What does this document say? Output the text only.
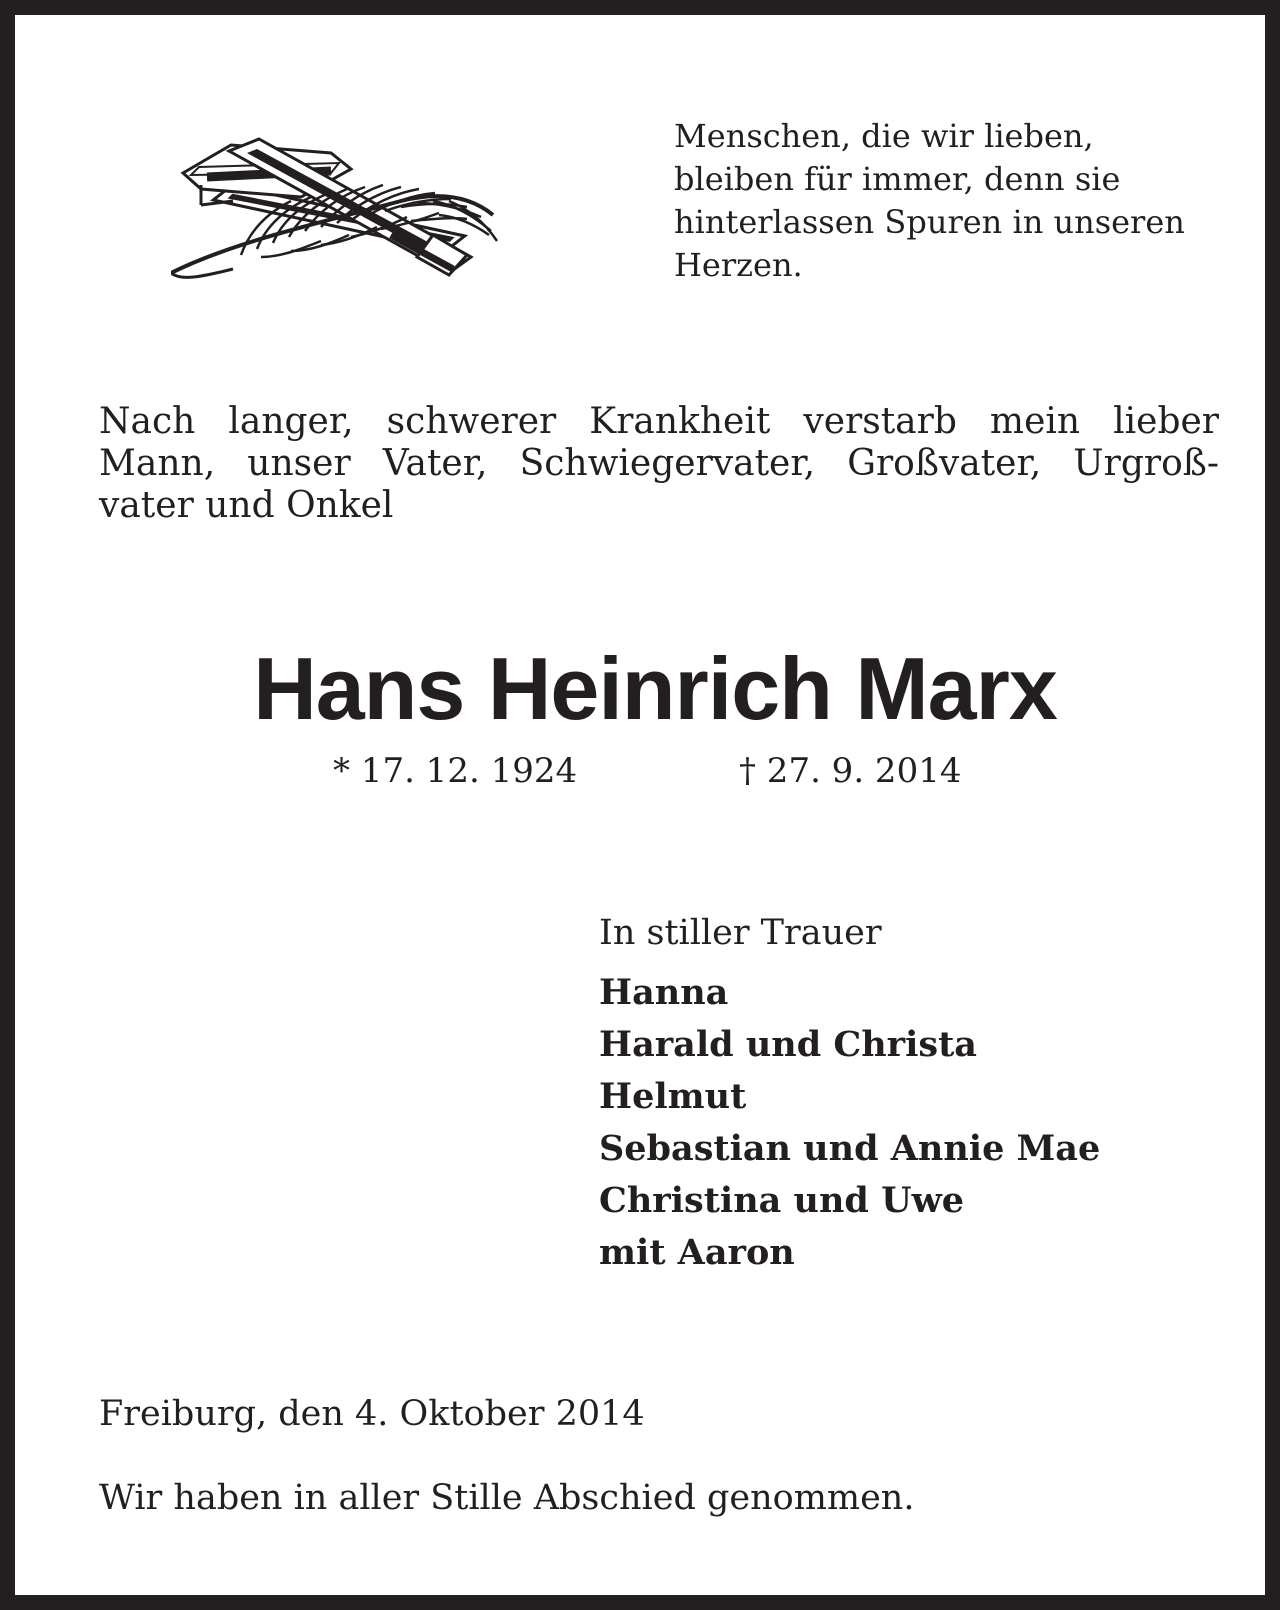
Menschen, die wir lieben,
bleiben für immer, denn sie
hinterlassen Spuren in unseren
Herzen.
Nach langer, schwerer Krankheit verstarb mein lieber
Mann, unser Vater, Schwiegervater, Großvater, Urgroß-
vater und Onkel
Hans Heinrich Marx
* 17. 12. 1924	† 27. 9. 2014
In stiller Trauer
Hanna
Harald und Christa
Helmut
Sebastian und Annie Mae
Christina und Uwe
mit Aaron
Freiburg, den 4. Oktober 2014
Wir haben in aller Stille Abschied genommen.
